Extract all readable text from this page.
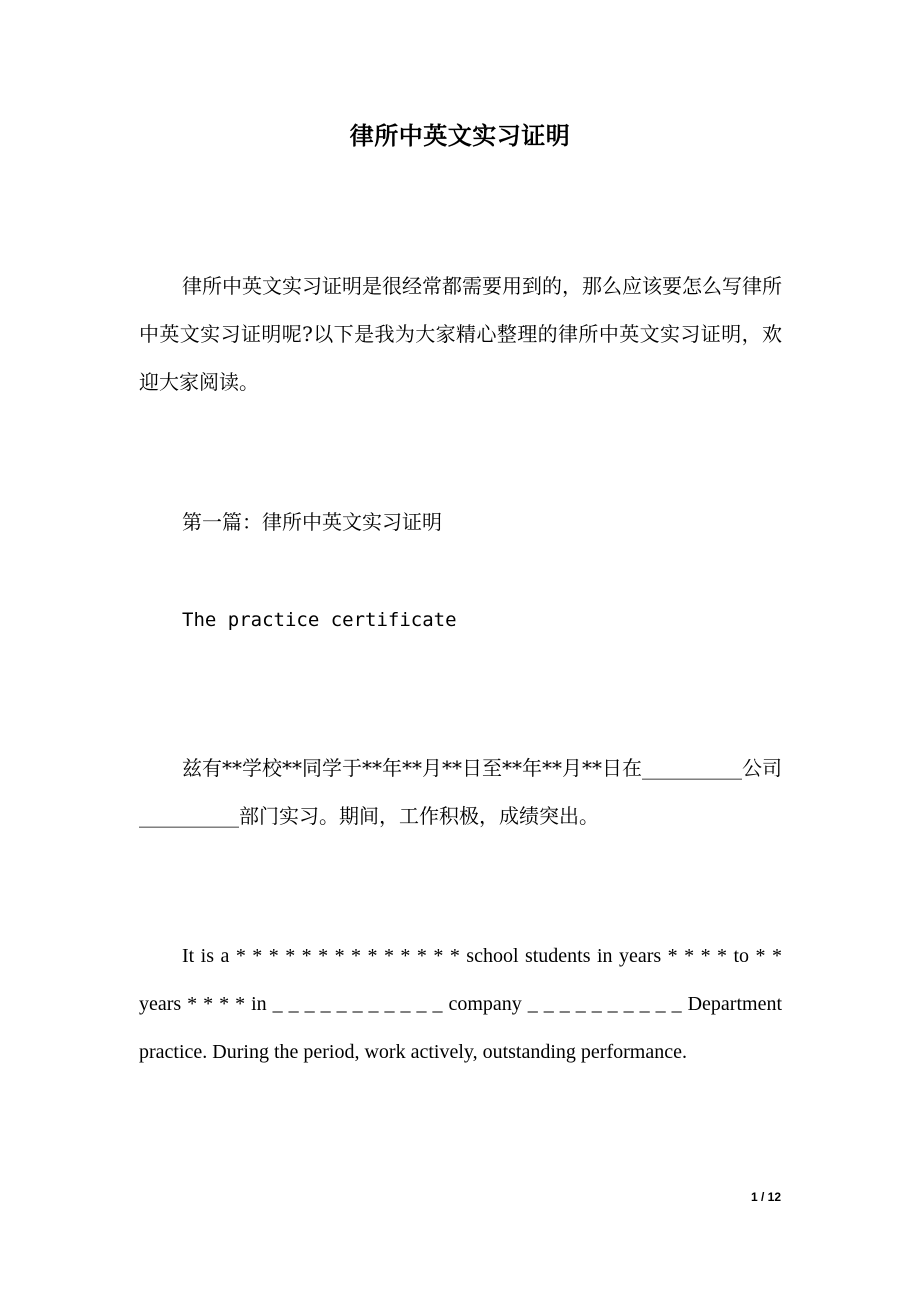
律所中英文实习证明

律所中英文实习证明是很经常都需要用到的，那么应该要怎么写律所中英文实习证明呢?以下是我为大家精心整理的律所中英文实习证明，欢迎大家阅读。

第一篇：律所中英文实习证明

The practice certificate

兹有**学校**同学于**年**月**日至**年**月**日在__________公司__________部门实习。期间，工作积极，成绩突出。

It is a * * * * * * * * * * * * * * school students in years * * * * to * * years * * * * in _ _ _ _ _ _ _ _ _ _ _ company _ _ _ _ _ _ _ _ _ _ Department practice. During the period, work actively, outstanding performance.

1 / 12
